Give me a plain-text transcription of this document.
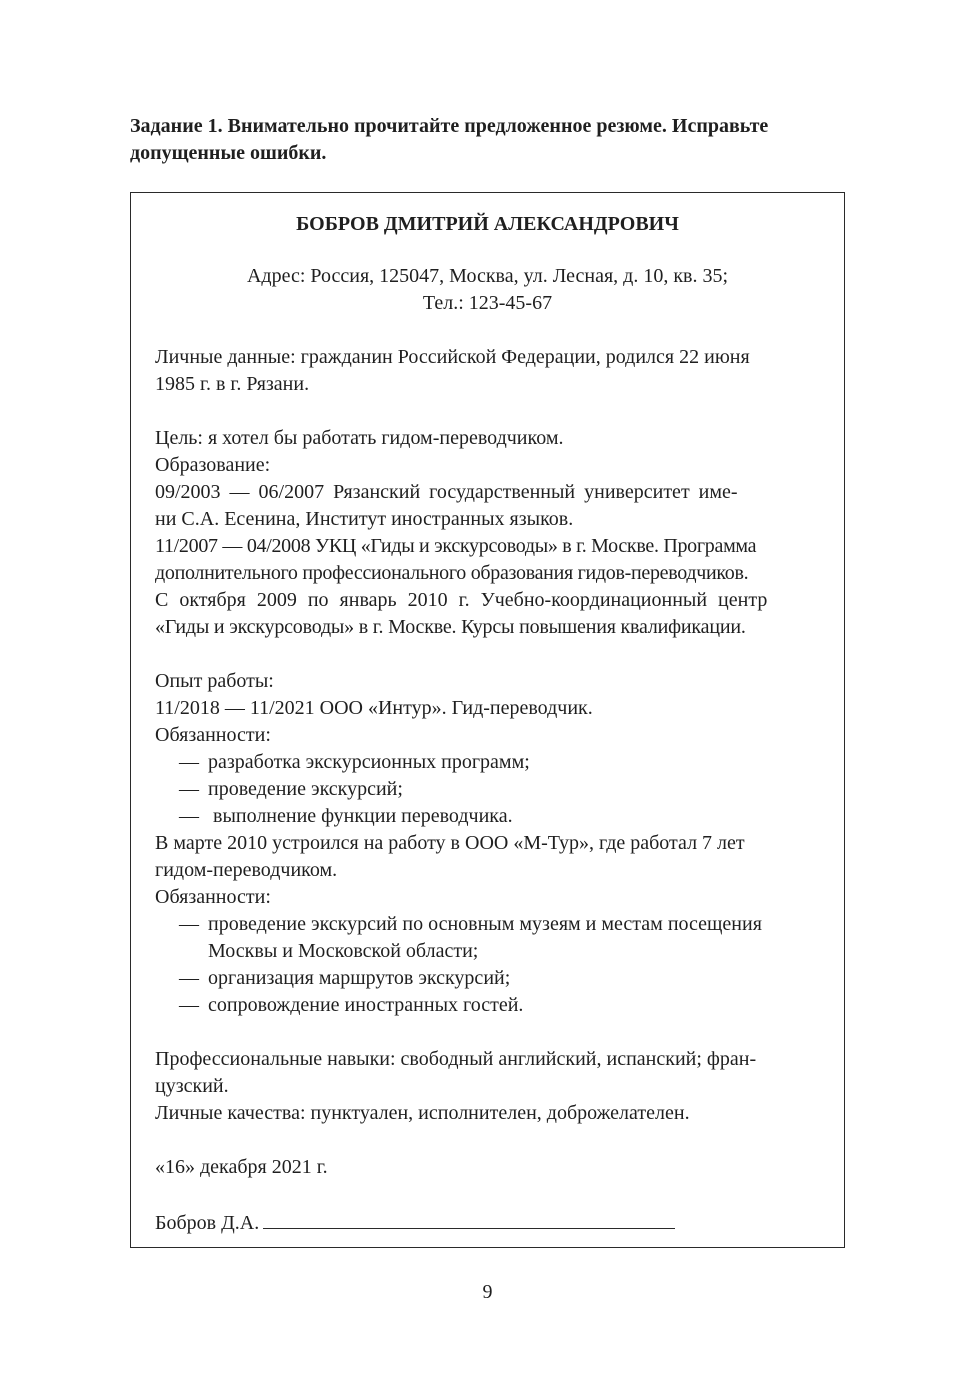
Задание 1. Внимательно прочитайте предложенное резюме. Исправьте
допущенные ошибки.
БОБРОВ ДМИТРИЙ АЛЕКСАНДРОВИЧ
Адрес: Россия, 125047, Москва, ул. Лесная, д. 10, кв. 35;
Тел.: 123-45-67
Личные данные: гражданин Российской Федерации, родился 22 июня
1985 г. в г. Рязани.
Цель: я хотел бы работать гидом-переводчиком.
Образование:
09/2003 — 06/2007 Рязанский государственный университет име-
ни С.А. Есенина, Институт иностранных языков.
11/2007 — 04/2008 УКЦ «Гиды и экскурсоводы» в г. Москве. Программа
дополнительного профессионального образования гидов-переводчиков.
С октября 2009 по январь 2010 г. Учебно-координационный центр
«Гиды и экскурсоводы» в г. Москве. Курсы повышения квалификации.
Опыт работы:
11/2018 — 11/2021 ООО «Интур». Гид-переводчик.
Обязанности:
— разработка экскурсионных программ;
— проведение экскурсий;
— выполнение функции переводчика.
В марте 2010 устроился на работу в ООО «М-Тур», где работал 7 лет
гидом-переводчиком.
Обязанности:
— проведение экскурсий по основным музеям и местам посещения
Москвы и Московской области;
— организация маршрутов экскурсий;
— сопровождение иностранных гостей.
Профессиональные навыки: свободный английский, испанский; фран-
цузский.
Личные качества: пунктуален, исполнителен, доброжелателен.
«16» декабря 2021 г.
Бобров Д.А.
9
